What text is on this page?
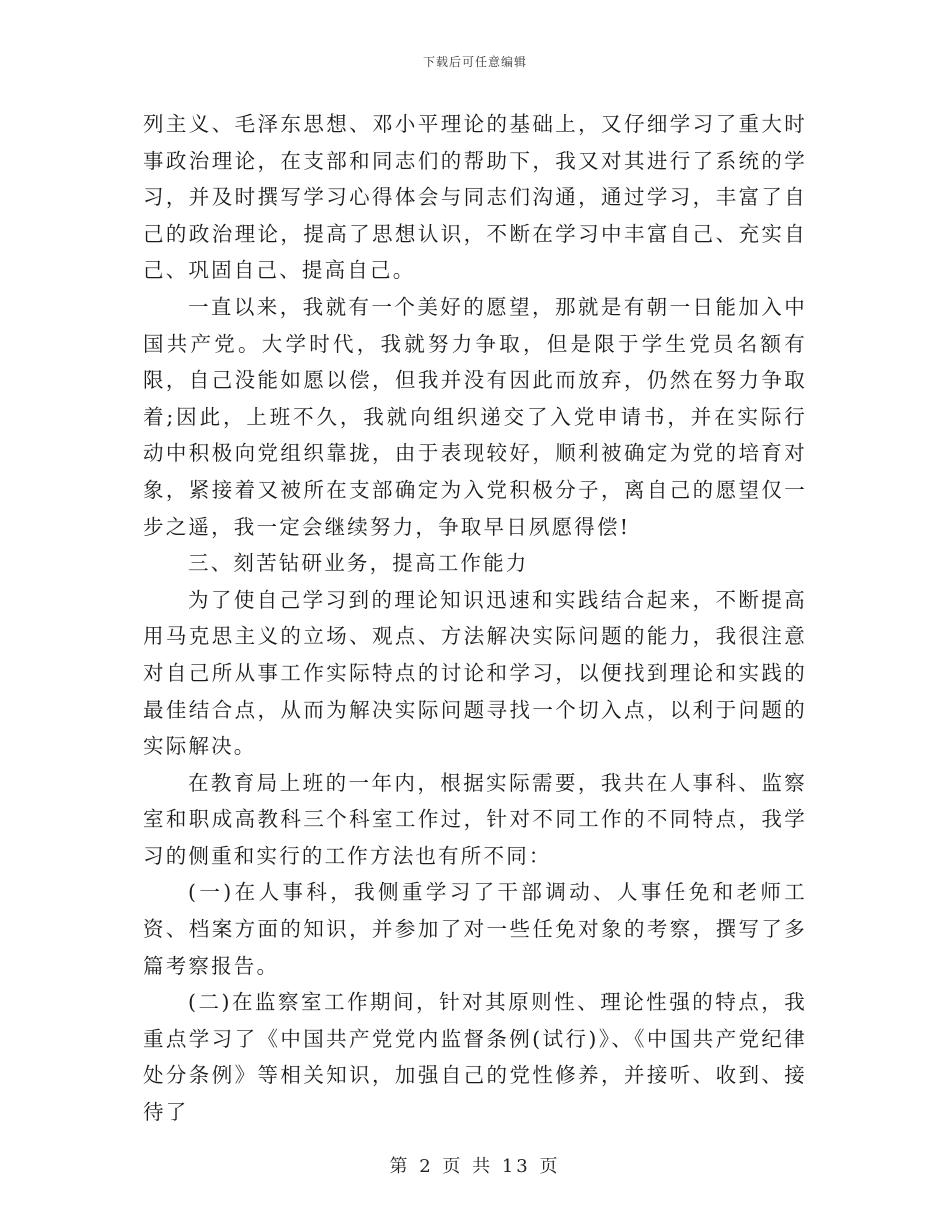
下载后可任意编辑

列主义、毛泽东思想、邓小平理论的基础上，又仔细学习了重大时事政治理论，在支部和同志们的帮助下，我又对其进行了系统的学习，并及时撰写学习心得体会与同志们沟通，通过学习，丰富了自己的政治理论，提高了思想认识，不断在学习中丰富自己、充实自己、巩固自己、提高自己。

一直以来，我就有一个美好的愿望，那就是有朝一日能加入中国共产党。大学时代，我就努力争取，但是限于学生党员名额有限，自己没能如愿以偿，但我并没有因此而放弃，仍然在努力争取着;因此，上班不久，我就向组织递交了入党申请书，并在实际行动中积极向党组织靠拢，由于表现较好，顺利被确定为党的培育对象，紧接着又被所在支部确定为入党积极分子，离自己的愿望仅一步之遥，我一定会继续努力，争取早日夙愿得偿!

三、刻苦钻研业务，提高工作能力

为了使自己学习到的理论知识迅速和实践结合起来，不断提高用马克思主义的立场、观点、方法解决实际问题的能力，我很注意对自己所从事工作实际特点的讨论和学习，以便找到理论和实践的最佳结合点，从而为解决实际问题寻找一个切入点，以利于问题的实际解决。

在教育局上班的一年内，根据实际需要，我共在人事科、监察室和职成高教科三个科室工作过，针对不同工作的不同特点，我学习的侧重和实行的工作方法也有所不同：

(一)在人事科，我侧重学习了干部调动、人事任免和老师工资、档案方面的知识，并参加了对一些任免对象的考察，撰写了多篇考察报告。

(二)在监察室工作期间，针对其原则性、理论性强的特点，我重点学习了《中国共产党党内监督条例(试行)》、《中国共产党纪律处分条例》等相关知识，加强自己的党性修养，并接听、收到、接待了

第 2 页 共 13 页
